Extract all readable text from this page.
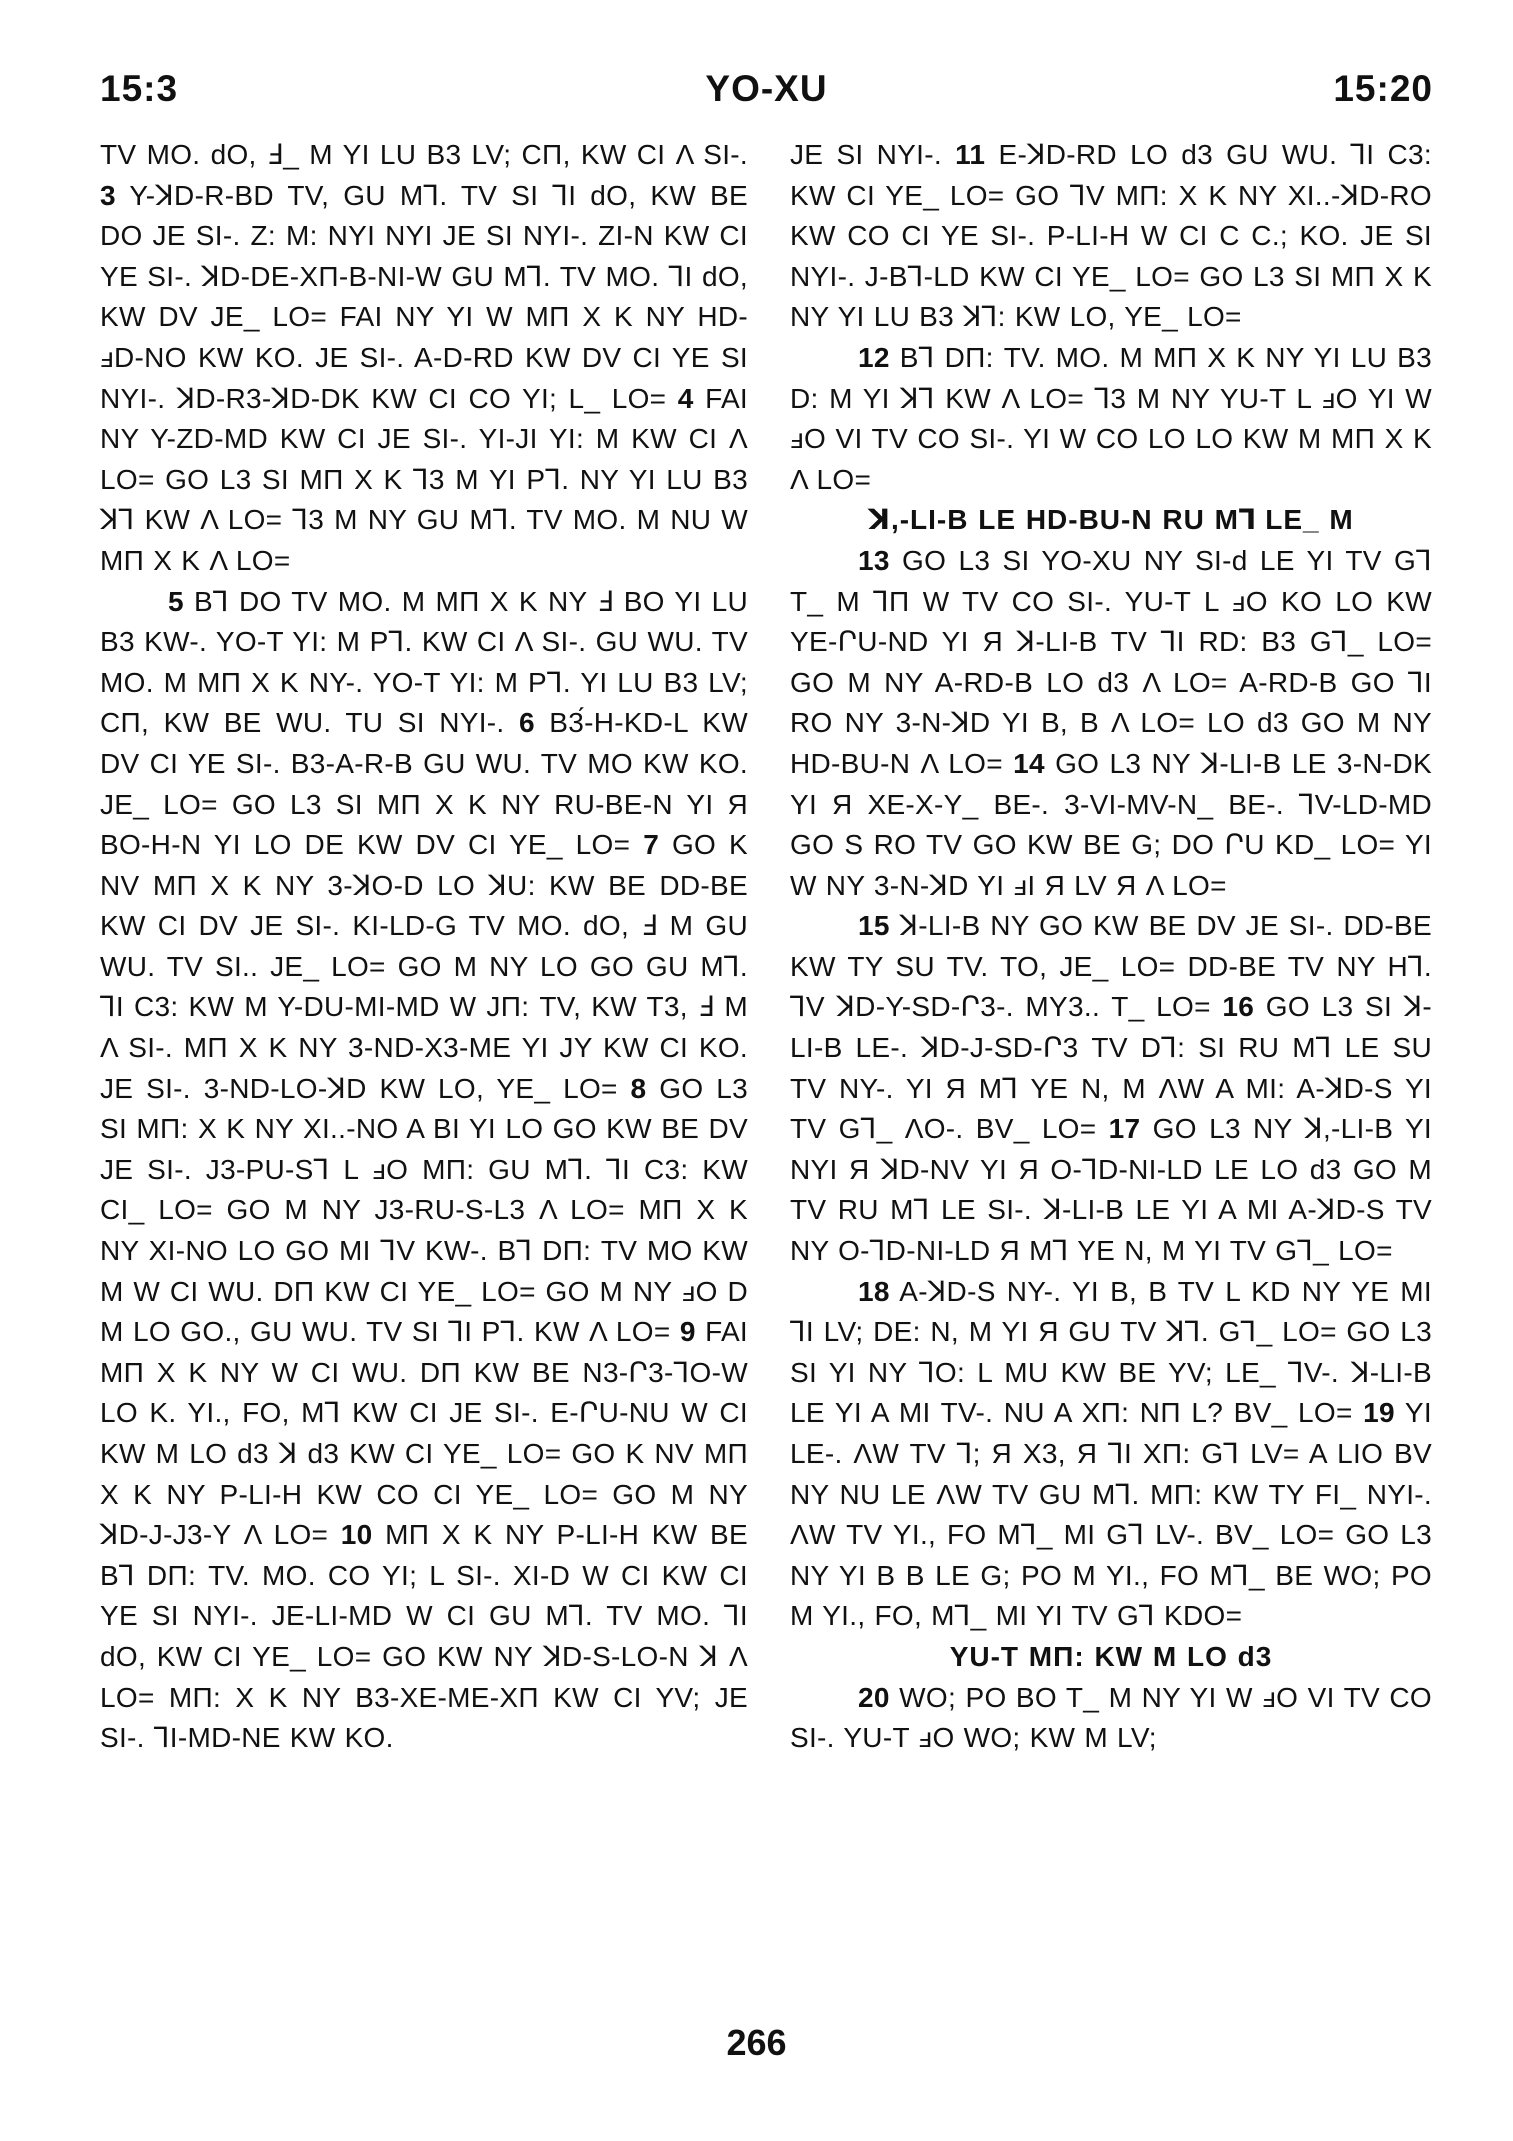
YO-XU
15:3	15:20

TV MO. dO, Ⅎ_ M YI LU B3 LV; CΠ, KW CI Λ SI-. 3 Y-ꓘD-R-BD TV, GU M⅂. TV SI ⅂I dO, KW BE DO JE SI-. Z: M: NYI NYI JE SI NYI-. ZI-N KW CI YE SI-. ꓘD-DE-XΠ-B-NI-W GU M⅂. TV MO. ⅂I dO, KW DV JE_ LO= FAI NY YI W MΠ X K NY HD-ⅎD-NO KW KO. JE SI-. A-D-RD KW DV CI YE SI NYI-. ꓘD-R3-ꓘD-DK KW CI CO YI; L_ LO= 4 FAI NY Y-ZD-MD KW CI JE SI-. YI-JI YI: M KW CI Λ LO= GO L3 SI MΠ X K ⅂3 M YI P⅂. NY YI LU B3 ꓘ⅂ KW Λ LO= ⅂3 M NY GU M⅂. TV MO. M NU W MΠ X K Λ LO=

5 B⅂ DO TV MO. M MΠ X K NY Ⅎ BO YI LU B3 KW-. YO-T YI: M P⅂. KW CI Λ SI-. GU WU. TV MO. M MΠ X K NY-. YO-T YI: M P⅂. YI LU B3 LV; CΠ, KW BE WU. TU SI NYI-. 6 B3́-H-KD-L KW DV CI YE SI-. B3-A-R-B GU WU. TV MO KW KO. JE_ LO= GO L3 SI MΠ X K NY RU-BE-N YI Я BO-H-N YI LO DE KW DV CI YE_ LO= 7 GO K NV MΠ X K NY 3-ꓘO-D LO ꓘU: KW BE DD-BE KW CI DV JE SI-. KI-LD-G TV MO. dO, Ⅎ M GU WU. TV SI.. JE_ LO= GO M NY LO GO GU M⅂. ⅂I C3: KW M Y-DU-MI-MD W JΠ: TV, KW T3, Ⅎ M Λ SI-. MΠ X K NY 3-ND-X3-ME YI JY KW CI KO. JE SI-. 3-ND-LO-ꓘD KW LO, YE_ LO= 8 GO L3 SI MΠ: X K NY XI..-NO A BI YI LO GO KW BE DV JE SI-. J3-PU-S⅂ L ⅎO MΠ: GU M⅂. ⅂I C3: KW CI_ LO= GO M NY J3-RU-S-L3 Λ LO= MΠ X K NY XI-NO LO GO MI ⅂V KW-. B⅂ DΠ: TV MO KW M W CI WU. DΠ KW CI YE_ LO= GO M NY ⅎO D M LO GO., GU WU. TV SI ⅂I P⅂. KW Λ LO= 9 FAI MΠ X K NY W CI WU. DΠ KW BE N3-Ր3-⅂O-W LO K. YI., FO, M⅂ KW CI JE SI-. E-ՐU-NU W CI KW M LO d3 ꓘ d3 KW CI YE_ LO= GO K NV MΠ X K NY P-LI-H KW CO CI YE_ LO= GO M NY ꓘD-J-J3-Y Λ LO= 10 MΠ X K NY P-LI-H KW BE B⅂ DΠ: TV. MO. CO YI; L SI-. XI-D W CI KW CI YE SI NYI-. JE-LI-MD W CI GU M⅂. TV MO. ⅂I dO, KW CI YE_ LO= GO KW NY ꓘD-S-LO-N ꓘ Λ LO= MΠ: X K NY B3-XE-ME-XΠ KW CI YV; JE SI-. ⅂I-MD-NE KW KO.

JE SI NYI-. 11 E-ꓘD-RD LO d3 GU WU. ⅂I C3: KW CI YE_ LO= GO ⅂V MΠ: X K NY XI..-ꓘD-RO KW CO CI YE SI-. P-LI-H W CI C C.; KO. JE SI NYI-. J-B⅂-LD KW CI YE_ LO= GO L3 SI MΠ X K NY YI LU B3 ꓘ⅂: KW LO, YE_ LO=

12 B⅂ DΠ: TV. MO. M MΠ X K NY YI LU B3 D: M YI ꓘ⅂ KW Λ LO= ⅂3 M NY YU-T L ⅎO YI W ⅎO VI TV CO SI-. YI W CO LO LO KW M MΠ X K Λ LO=

ꓘ,-LI-B LE HD-BU-N RU M⅂ LE_ M

13 GO L3 SI YO-XU NY SI-d LE YI TV G⅂ T_ M ⅂Π W TV CO SI-. YU-T L ⅎO KO LO KW YE-ՐU-ND YI Я ꓘ-LI-B TV ⅂I RD: B3 G⅂_ LO= GO M NY A-RD-B LO d3 Λ LO= A-RD-B GO ⅂I RO NY 3-N-ꓘD YI B, B Λ LO= LO d3 GO M NY HD-BU-N Λ LO= 14 GO L3 NY ꓘ-LI-B LE 3-N-DK YI Я XE-X-Y_ BE-. 3-VI-MV-N_ BE-. ⅂V-LD-MD GO S RO TV GO KW BE G; DO ՐU KD_ LO= YI W NY 3-N-ꓘD YI ⅎI Я LV Я Λ LO=

15 ꓘ-LI-B NY GO KW BE DV JE SI-. DD-BE KW TY SU TV. TO, JE_ LO= DD-BE TV NY H⅂. ⅂V ꓘD-Y-SD-Ր3-. MY3.. T_ LO= 16 GO L3 SI ꓘ-LI-B LE-. ꓘD-J-SD-Ր3 TV D⅂: SI RU M⅂ LE SU TV NY-. YI Я M⅂ YE N, M ΛW A MI: A-ꓘD-S YI TV G⅂_ ΛO-. BV_ LO= 17 GO L3 NY ꓘ,-LI-B YI NYI Я ꓘD-NV YI Я O-⅂D-NI-LD LE LO d3 GO M TV RU M⅂ LE SI-. ꓘ-LI-B LE YI A MI A-ꓘD-S TV NY O-⅂D-NI-LD Я M⅂ YE N, M YI TV G⅂_ LO=

18 A-ꓘD-S NY-. YI B, B TV L KD NY YE MI ⅂I LV; DE: N, M YI Я GU TV ꓘ⅂. G⅂_ LO= GO L3 SI YI NY ⅂O: L MU KW BE YV; LE_ ⅂V-. ꓘ-LI-B LE YI A MI TV-. NU A XΠ: NΠ L? BV_ LO= 19 YI LE-. ΛW TV ⅂; Я X3, Я ⅂I XΠ: G⅂ LV= A LIO BV NY NU LE ΛW TV GU M⅂. MΠ: KW TY FI_ NYI-. ΛW TV YI., FO M⅂_ MI G⅂ LV-. BV_ LO= GO L3 NY YI B B LE G; PO M YI., FO M⅂_ BE WO; PO M YI., FO, M⅂_ MI YI TV G⅂ KDO=

YU-T MΠ: KW M LO d3

20 WO; PO BO T_ M NY YI W ⅎO VI TV CO SI-. YU-T ⅎO WO; KW M LV;

266
